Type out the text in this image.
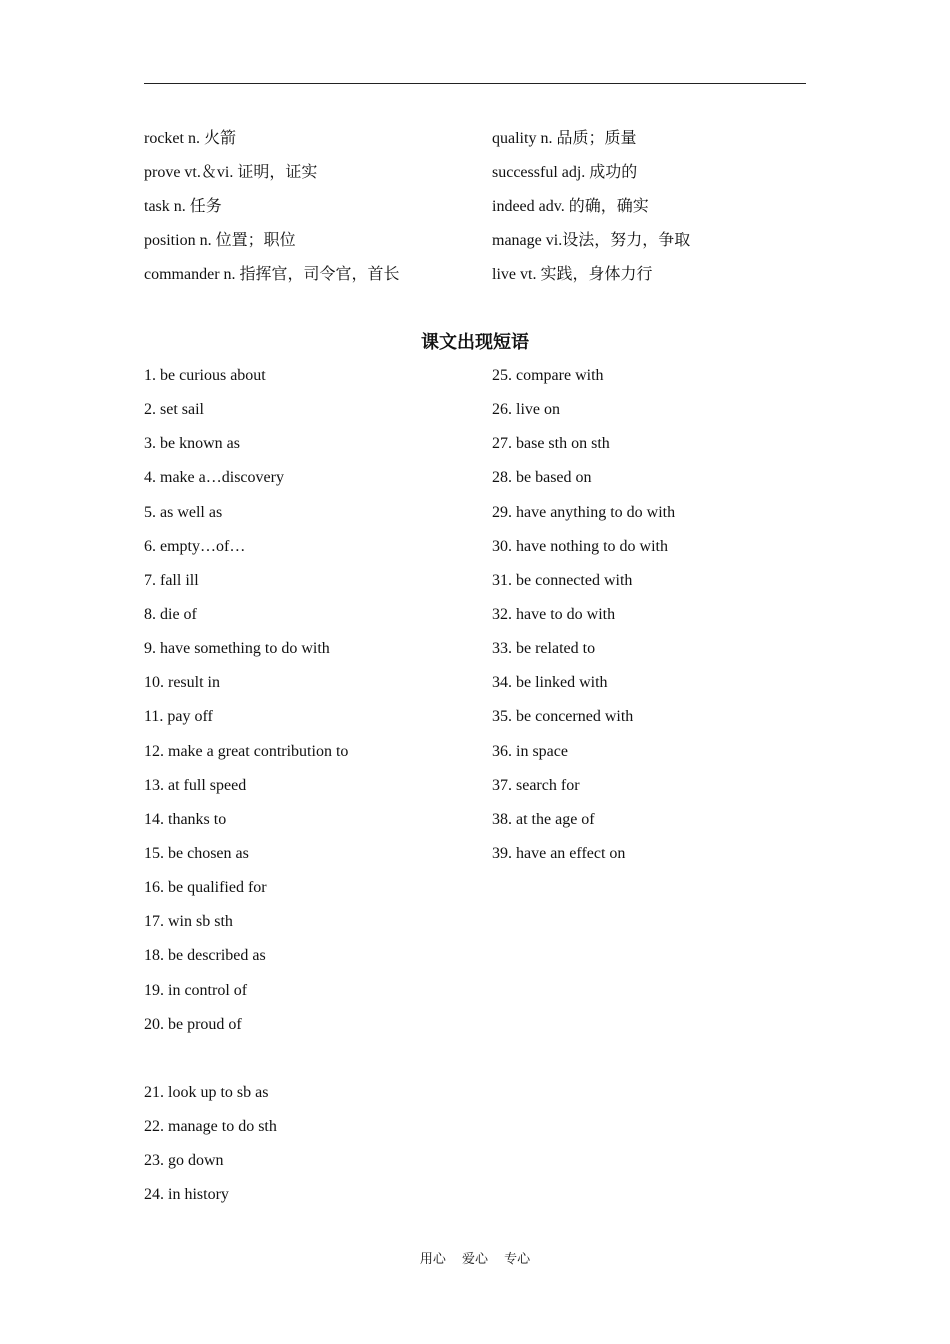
rocket n. 火箭	quality n. 品质；质量
prove vt.＆vi. 证明，证实	successful adj. 成功的
task n. 任务	indeed adv. 的确，确实
position n. 位置；职位	manage vi.设法，努力，争取
commander n. 指挥官，司令官，首长	live vt. 实践，身体力行
课文出现短语
1. be curious about	25. compare with
2. set sail	26. live on
3. be known as	27. base sth on sth
4. make a…discovery	28. be based on
5. as well as	29. have anything to do with
6. empty…of…	30. have nothing to do with
7. fall ill	31. be connected with
8. die of	32. have to do with
9. have something to do with	33. be related to
10. result in	34. be linked with
11. pay off	35. be concerned with
12. make a great contribution to	36. in space
13. at full speed	37. search for
14. thanks to	38. at the age of
15. be chosen as	39. have an effect on
16. be qualified for
17. win sb sth
18. be described as
19. in control of
20. be proud of
21. look up to sb as
22. manage to do sth
23. go down
24. in history
用心 爱心 专心
